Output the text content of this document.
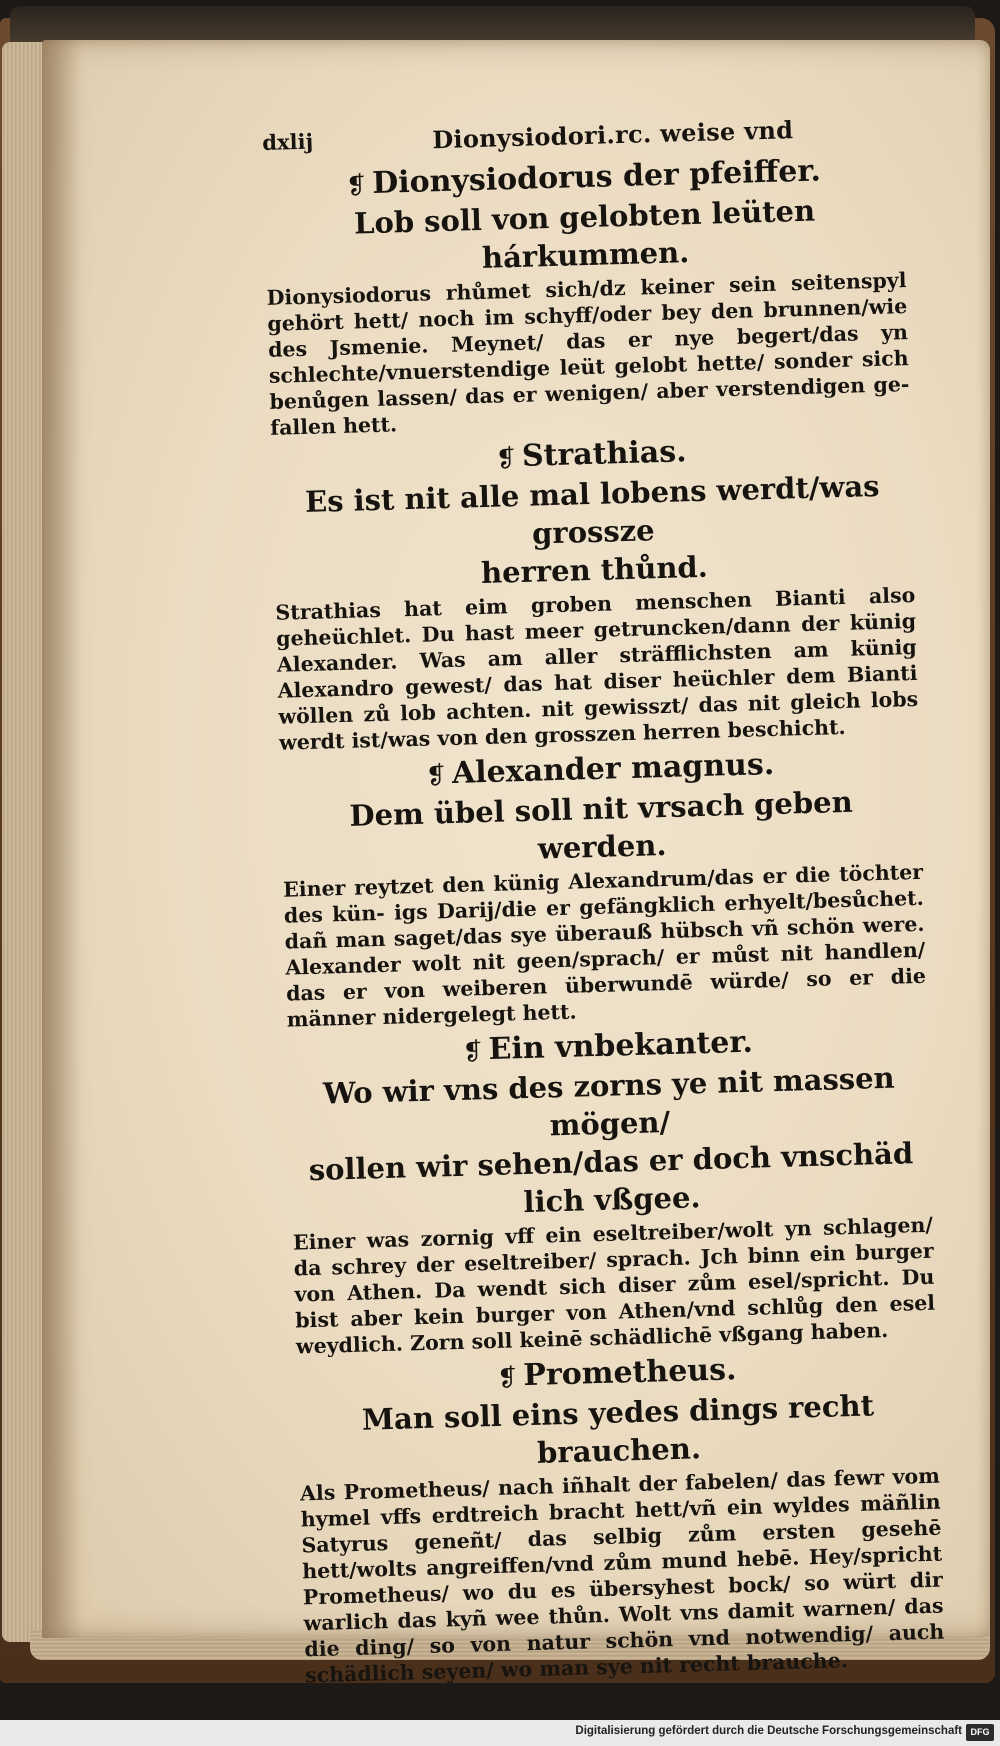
dxlij	Dionysiodori.rc. weise vnd
❡ Dionysiodorus der pfeiffer.
Lob soll von gelobten leüten hárkummen.
Dionysiodorus rhůmet sich/dz keiner sein seitenspyl gehört hett/ noch im schyff/oder bey den brunnen/wie des Jsmenie. Meynet/ das er nye begert/das yn schlechte/vnuerstendige leüt gelobt hette/ sonder sich benůgen lassen/ das er wenigen/ aber verstendigen ge- fallen hett.
❡ Strathias.
Es ist nit alle mal lobens werdt/was grossze
herren thůnd.
Strathias hat eim groben menschen Bianti also geheüchlet. Du hast meer getruncken/dann der künig Alexander. Was am aller sträfflichsten am künig Alexandro gewest/ das hat diser heüchler dem Bianti wöllen zů lob achten. nit gewisszt/ das nit gleich lobs werdt ist/was von den grosszen herren beschicht.
❡ Alexander magnus.
Dem übel soll nit vrsach geben werden.
Einer reytzet den künig Alexandrum/das er die töchter des kün- igs Darij/die er gefängklich erhyelt/besůchet. dañ man saget/das sye überauß hübsch vñ schön were. Alexander wolt nit geen/sprach/ er můst nit handlen/ das er von weiberen überwundē würde/ so er die männer nidergelegt hett.
❡ Ein vnbekanter.
Wo wir vns des zorns ye nit massen mögen/
sollen wir sehen/das er doch vnschäd
lich vßgee.
Einer was zornig vff ein eseltreiber/wolt yn schlagen/ da schrey der eseltreiber/ sprach. Jch binn ein burger von Athen. Da wendt sich diser zům esel/spricht. Du bist aber kein burger von Athen/vnd schlůg den esel weydlich. Zorn soll keinē schädlichē vßgang haben.
❡ Prometheus.
Man soll eins yedes dings recht brauchen.
Als Prometheus/ nach iñhalt der fabelen/ das fewr vom hymel vffs erdtreich bracht hett/vñ ein wyldes mäñlin Satyrus geneñt/ das selbig zům ersten gesehē hett/wolts angreiffen/vnd zům mund hebē. Hey/spricht Prometheus/ wo du es übersyhest bock/ so würt dir warlich das kyñ wee thůn. Wolt vns damit warnen/ das die ding/ so von natur schön vnd notwendig/ auch schädlich seyen/ wo man sye nit recht brauche.
Digitalisierung gefördert durch die Deutsche Forschungsgemeinschaft DFG
